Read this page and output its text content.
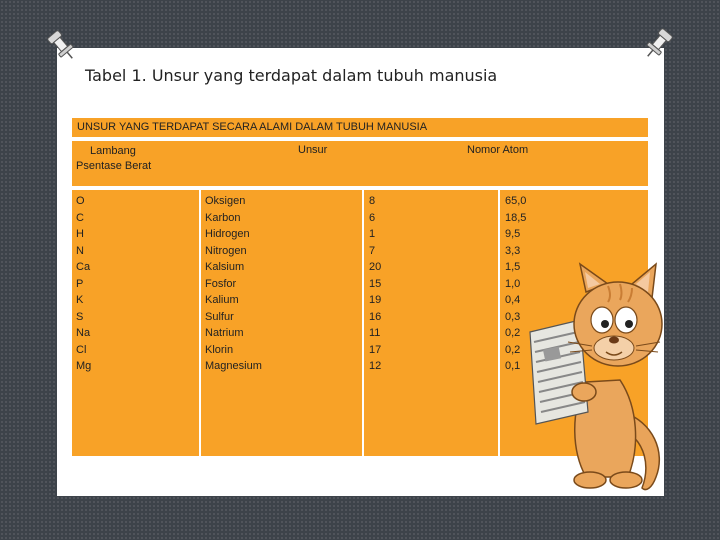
Tabel 1. Unsur yang terdapat dalam tubuh manusia
UNSUR YANG TERDAPAT SECARA ALAMI DALAM TUBUH MANUSIA
Lambang
Psentase Berat
Unsur	Nomor Atom
O
C
H
N
Ca
P
K
S
Na
Cl
Mg
Oksigen
Karbon
Hidrogen
Nitrogen
Kalsium
Fosfor
Kalium
Sulfur
Natrium
Klorin
Magnesium
8
6
1
7
20
15
19
16
11
17
12
65,0
18,5
9,5
3,3
1,5
1,0
0,4
0,3
0,2
0,2
0,1
